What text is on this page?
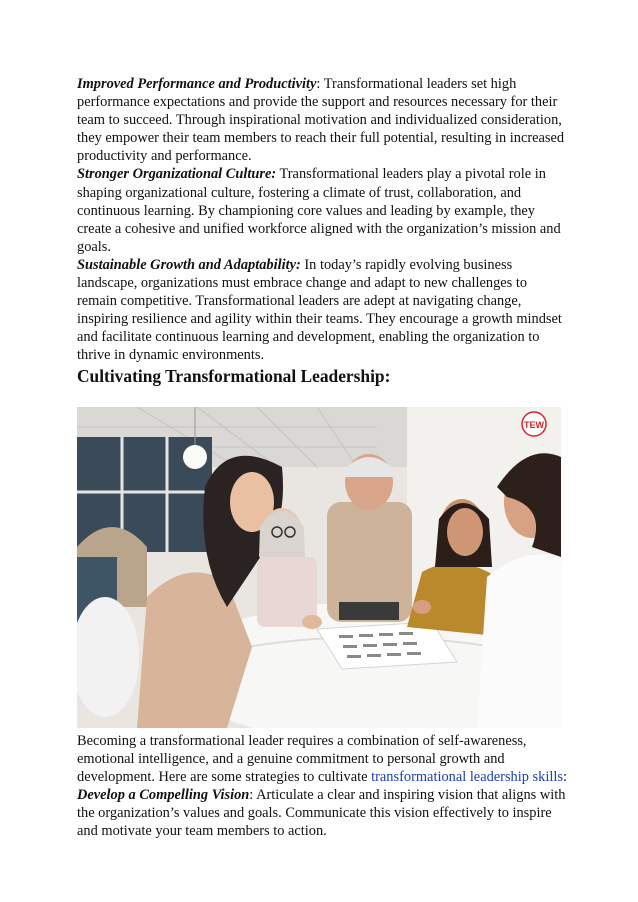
Improved Performance and Productivity: Transformational leaders set high performance expectations and provide the support and resources necessary for their team to succeed. Through inspirational motivation and individualized consideration, they empower their team members to reach their full potential, resulting in increased productivity and performance.

Stronger Organizational Culture: Transformational leaders play a pivotal role in shaping organizational culture, fostering a climate of trust, collaboration, and continuous learning. By championing core values and leading by example, they create a cohesive and unified workforce aligned with the organization’s mission and goals.

Sustainable Growth and Adaptability: In today’s rapidly evolving business landscape, organizations must embrace change and adapt to new challenges to remain competitive. Transformational leaders are adept at navigating change, inspiring resilience and agility within their teams. They encourage a growth mindset and facilitate continuous learning and development, enabling the organization to thrive in dynamic environments.

Cultivating Transformational Leadership:
TEW

Becoming a transformational leader requires a combination of self-awareness, emotional intelligence, and a genuine commitment to personal growth and development. Here are some strategies to cultivate transformational leadership skills:

Develop a Compelling Vision: Articulate a clear and inspiring vision that aligns with the organization’s values and goals. Communicate this vision effectively to inspire and motivate your team members to action.
